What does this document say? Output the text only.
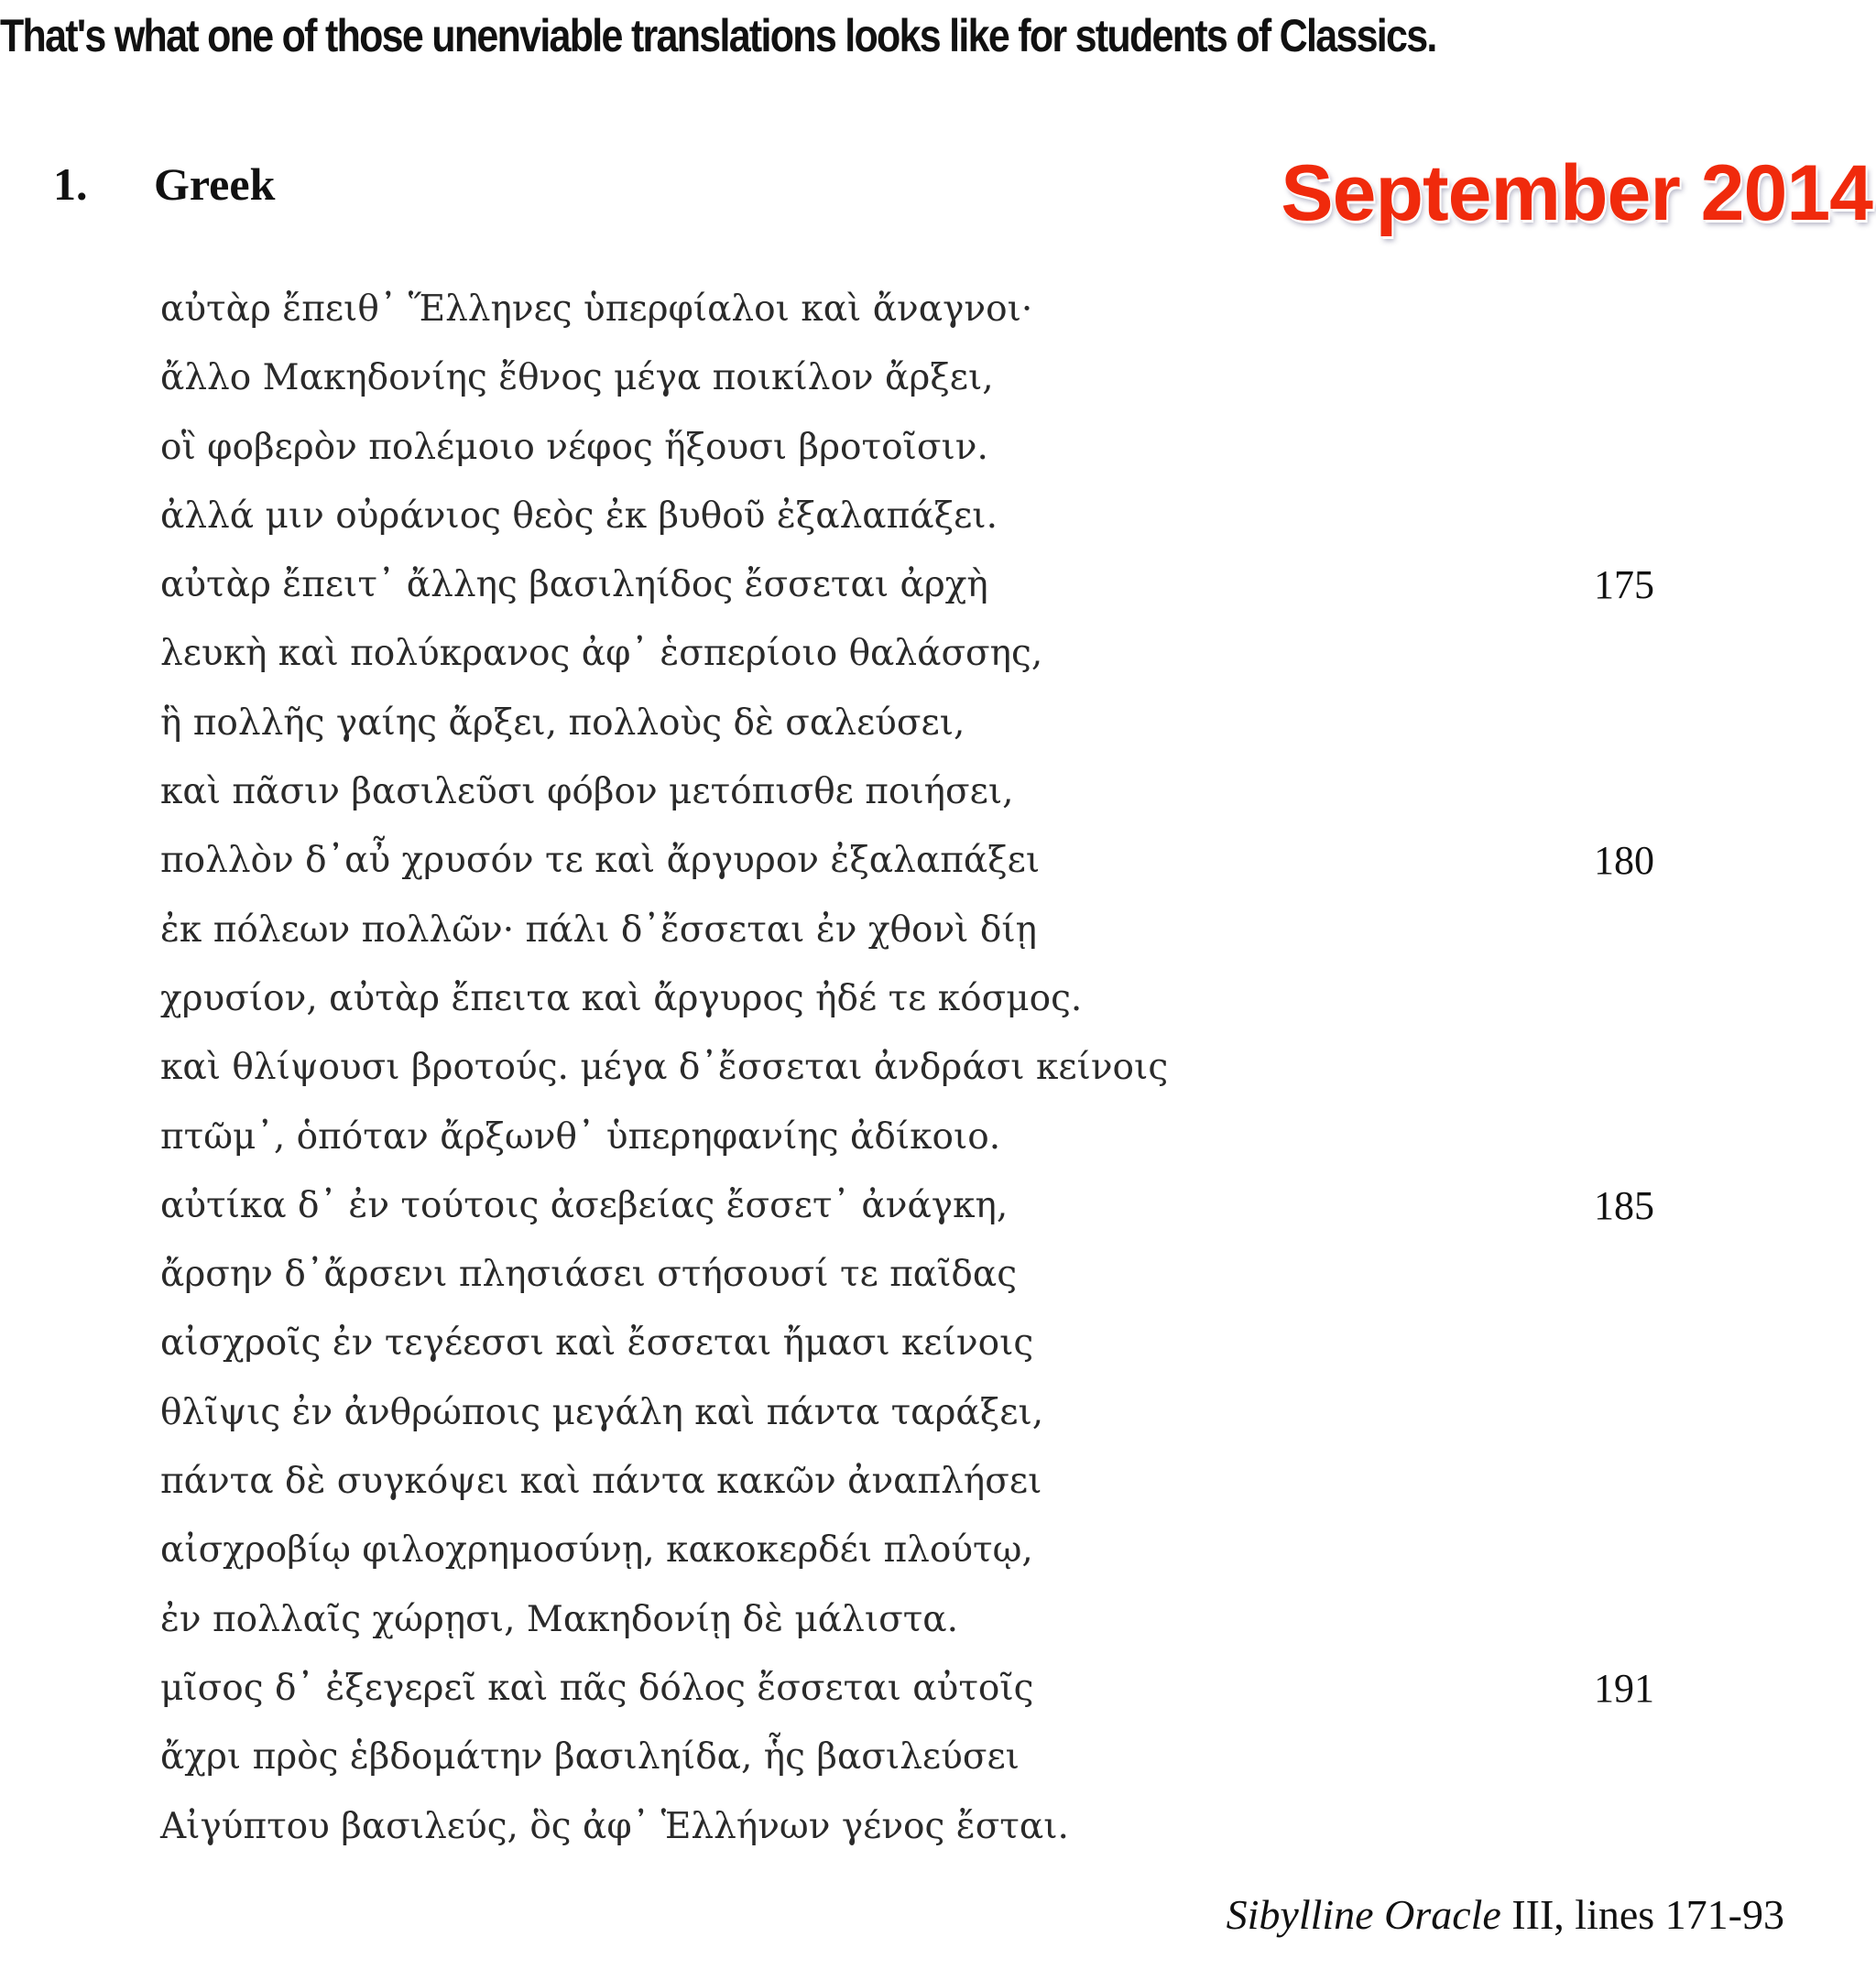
That's what one of those unenviable translations looks like for students of Classics.
1. Greek	September 2014
αὐτὰρ ἔπειθ᾿ Ἕλληνες ὑπερφίαλοι καὶ ἄναγνοι·
ἄλλο Μακηδονίης ἔθνος μέγα ποικίλον ἄρξει,
οἳ φοβερὸν πολέμοιο νέφος ἥξουσι βροτοῖσιν.
ἀλλά μιν οὐράνιος θεὸς ἐκ βυθοῦ ἐξαλαπάξει.
αὐτὰρ ἔπειτ᾿ ἄλλης βασιληίδος ἔσσεται ἀρχὴ	175
λευκὴ καὶ πολύκρανος ἀφ᾿ ἑσπερίοιο θαλάσσης,
ἣ πολλῆς γαίης ἄρξει, πολλοὺς δὲ σαλεύσει,
καὶ πᾶσιν βασιλεῦσι φόβον μετόπισθε ποιήσει,
πολλὸν δ᾿αὖ χρυσόν τε καὶ ἄργυρον ἐξαλαπάξει	180
ἐκ πόλεων πολλῶν· πάλι δ᾿ἔσσεται ἐν χθονὶ δίῃ
χρυσίον, αὐτὰρ ἔπειτα καὶ ἄργυρος ἠδέ τε κόσμος.
καὶ θλίψουσι βροτούς. μέγα δ᾿ἔσσεται ἀνδράσι κείνοις
πτῶμ᾿, ὁπόταν ἄρξωνθ᾿ ὑπερηφανίης ἀδίκοιο.
αὐτίκα δ᾿ ἐν τούτοις ἀσεβείας ἔσσετ᾿ ἀνάγκη,	185
ἄρσην δ᾿ἄρσενι πλησιάσει στήσουσί τε παῖδας
αἰσχροῖς ἐν τεγέεσσι καὶ ἔσσεται ἤμασι κείνοις
θλῖψις ἐν ἀνθρώποις μεγάλη καὶ πάντα ταράξει,
πάντα δὲ συγκόψει καὶ πάντα κακῶν ἀναπλήσει
αἰσχροβίῳ φιλοχρημοσύνῃ, κακοκερδέι πλούτῳ,
ἐν πολλαῖς χώρῃσι, Μακηδονίῃ δὲ μάλιστα.
μῖσος δ᾿ ἐξεγερεῖ καὶ πᾶς δόλος ἔσσεται αὐτοῖς	191
ἄχρι πρὸς ἑβδομάτην βασιληίδα, ἧς βασιλεύσει
Αἰγύπτου βασιλεύς, ὃς ἀφ᾿ Ἑλλήνων γένος ἔσται.
Sibylline Oracle III, lines 171-93
